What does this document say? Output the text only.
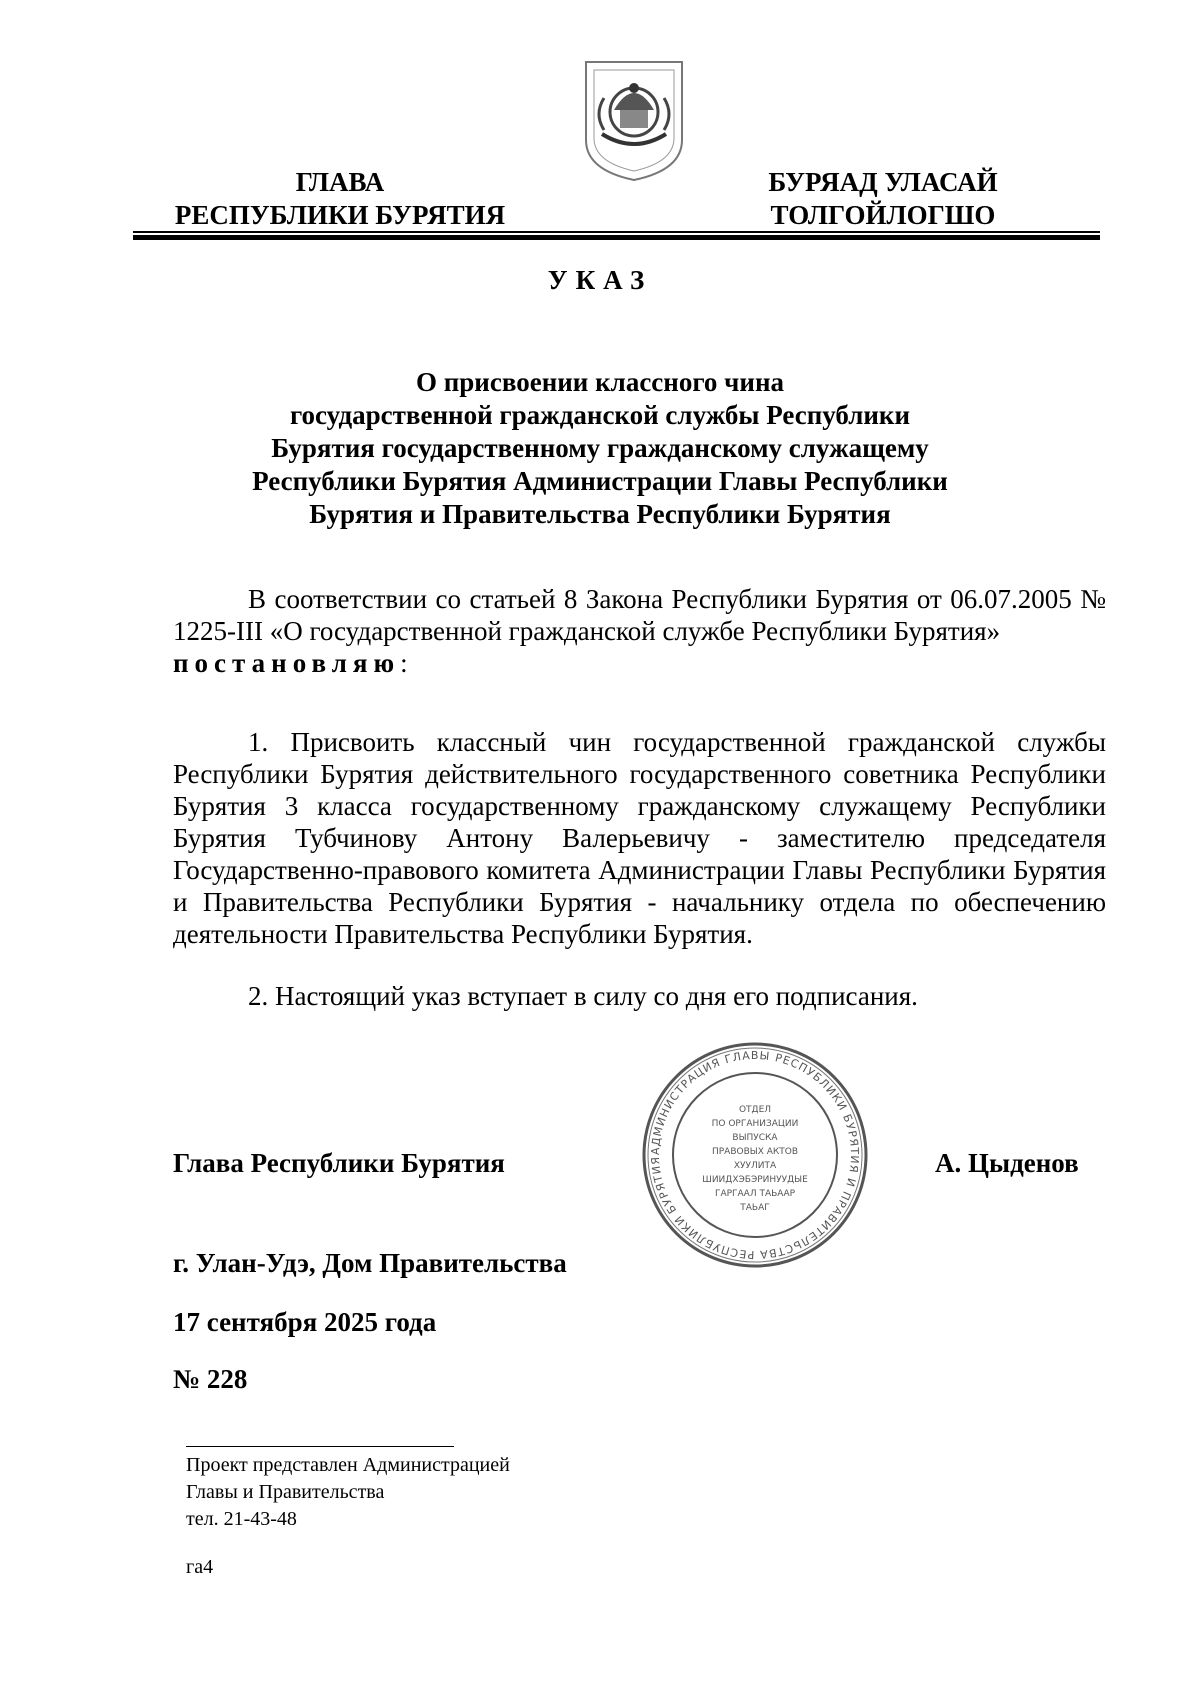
ГЛАВА
РЕСПУБЛИКИ БУРЯТИЯ
БУРЯАД УЛАСАЙ
ТОЛГОЙЛОГШО
УКАЗ
О присвоении классного чина
государственной гражданской службы Республики
Бурятия государственному гражданскому служащему
Республики Бурятия Администрации Главы Республики
Бурятия и Правительства Республики Бурятия

В соответствии со статьей 8 Закона Республики Бурятия от 06.07.2005 № 1225-III «О государственной гражданской службе Республики Бурятия»
постановляю:

1. Присвоить классный чин государственной гражданской службы Республики Бурятия действительного государственного советника Республики Бурятия 3 класса государственному гражданскому служащему Республики Бурятия Тубчинову Антону Валерьевичу - заместителю председателя Государственно-правового комитета Администрации Главы Республики Бурятия и Правительства Республики Бурятия - начальнику отдела по обеспечению деятельности Правительства Республики Бурятия.

2. Настоящий указ вступает в силу со дня его подписания.

АДМИНИСТРАЦИЯ ГЛАВЫ РЕСПУБЛИКИ БУРЯТИЯ И ПРАВИТЕЛЬСТВА РЕСПУБЛИКИ БУРЯТИЯ
ОТДЕЛ
ПО ОРГАНИЗАЦИИ
ВЫПУСКА
ПРАВОВЫХ АКТОВ
ХУУЛИТА
ШИИДХЭБЭРИНУУДЫЕ
ГАРГААЛ ТАЬААР
ТАЬАГ
Глава Республики Бурятия	А. Цыденов
г. Улан-Удэ, Дом Правительства
17 сентября 2025 года
№ 228
Проект представлен Администрацией
Главы и Правительства
тел. 21-43-48
га4
